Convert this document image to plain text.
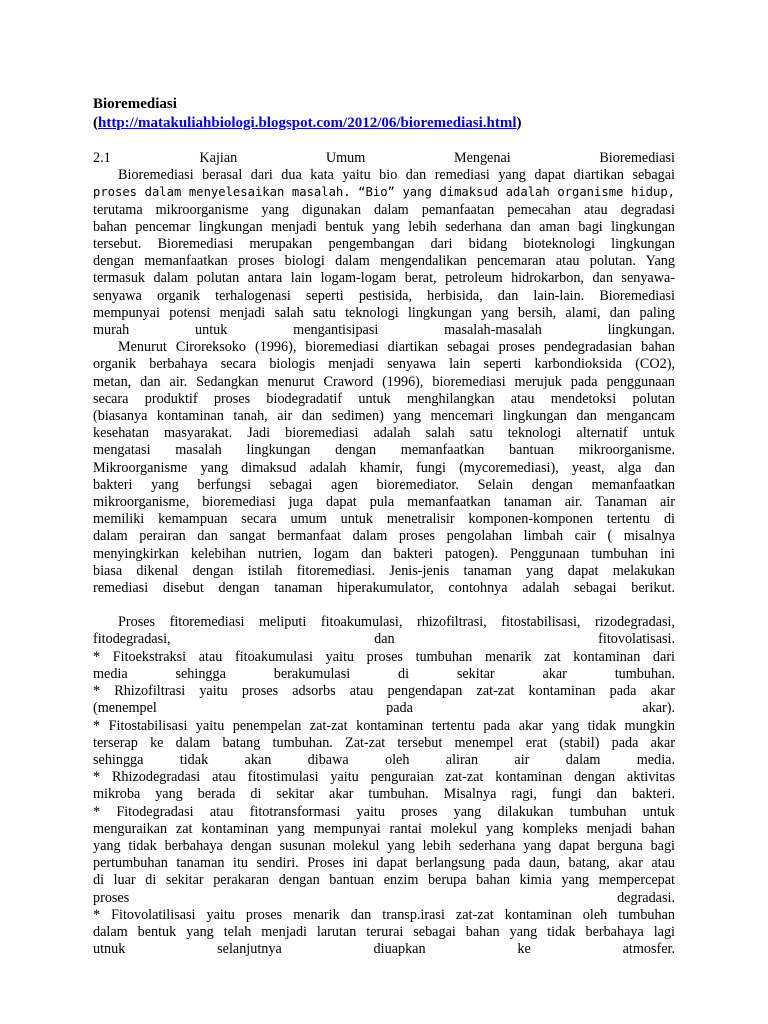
Bioremediasi
(http://matakuliahbiologi.blogspot.com/2012/06/bioremediasi.html)
2.1 Kajian Umum Mengenai Bioremediasi
Bioremediasi berasal dari dua kata yaitu bio dan remediasi yang dapat diartikan sebagai
proses dalam menyelesaikan masalah. “Bio” yang dimaksud adalah organisme hidup,
terutama mikroorganisme yang digunakan dalam pemanfaatan pemecahan atau degradasi
bahan pencemar lingkungan menjadi bentuk yang lebih sederhana dan aman bagi lingkungan
tersebut. Bioremediasi merupakan pengembangan dari bidang bioteknologi lingkungan
dengan memanfaatkan proses biologi dalam mengendalikan pencemaran atau polutan. Yang
termasuk dalam polutan antara lain logam-logam berat, petroleum hidrokarbon, dan senyawa-
senyawa organik terhalogenasi seperti pestisida, herbisida, dan lain-lain. Bioremediasi
mempunyai potensi menjadi salah satu teknologi lingkungan yang bersih, alami, dan paling
murah untuk mengantisipasi masalah-masalah lingkungan.
Menurut Ciroreksoko (1996), bioremediasi diartikan sebagai proses pendegradasian bahan
organik berbahaya secara biologis menjadi senyawa lain seperti karbondioksida (CO2),
metan, dan air. Sedangkan menurut Craword (1996), bioremediasi merujuk pada penggunaan
secara produktif proses biodegradatif untuk menghilangkan atau mendetoksi polutan
(biasanya kontaminan tanah, air dan sedimen) yang mencemari lingkungan dan mengancam
kesehatan masyarakat. Jadi bioremediasi adalah salah satu teknologi alternatif untuk
mengatasi masalah lingkungan dengan memanfaatkan bantuan mikroorganisme.
Mikroorganisme yang dimaksud adalah khamir, fungi (mycoremediasi), yeast, alga dan
bakteri yang berfungsi sebagai agen bioremediator. Selain dengan memanfaatkan
mikroorganisme, bioremediasi juga dapat pula memanfaatkan tanaman air. Tanaman air
memiliki kemampuan secara umum untuk menetralisir komponen-komponen tertentu di
dalam perairan dan sangat bermanfaat dalam proses pengolahan limbah cair ( misalnya
menyingkirkan kelebihan nutrien, logam dan bakteri patogen). Penggunaan tumbuhan ini
biasa dikenal dengan istilah fitoremediasi. Jenis-jenis tanaman yang dapat melakukan
remediasi disebut dengan tanaman hiperakumulator, contohnya adalah sebagai berikut.
Proses fitoremediasi meliputi fitoakumulasi, rhizofiltrasi, fitostabilisasi, rizodegradasi,
fitodegradasi, dan fitovolatisasi.
* Fitoekstraksi atau fitoakumulasi yaitu proses tumbuhan menarik zat kontaminan dari
media sehingga berakumulasi di sekitar akar tumbuhan.
* Rhizofiltrasi yaitu proses adsorbs atau pengendapan zat-zat kontaminan pada akar
(menempel pada akar).
* Fitostabilisasi yaitu penempelan zat-zat kontaminan tertentu pada akar yang tidak mungkin
terserap ke dalam batang tumbuhan. Zat-zat tersebut menempel erat (stabil) pada akar
sehingga tidak akan dibawa oleh aliran air dalam media.
* Rhizodegradasi atau fitostimulasi yaitu penguraian zat-zat kontaminan dengan aktivitas
mikroba yang berada di sekitar akar tumbuhan. Misalnya ragi, fungi dan bakteri.
* Fitodegradasi atau fitotransformasi yaitu proses yang dilakukan tumbuhan untuk
menguraikan zat kontaminan yang mempunyai rantai molekul yang kompleks menjadi bahan
yang tidak berbahaya dengan susunan molekul yang lebih sederhana yang dapat berguna bagi
pertumbuhan tanaman itu sendiri. Proses ini dapat berlangsung pada daun, batang, akar atau
di luar di sekitar perakaran dengan bantuan enzim berupa bahan kimia yang mempercepat
proses degradasi.
* Fitovolatilisasi yaitu proses menarik dan transp.irasi zat-zat kontaminan oleh tumbuhan
dalam bentuk yang telah menjadi larutan terurai sebagai bahan yang tidak berbahaya lagi
utnuk selanjutnya diuapkan ke atmosfer.
